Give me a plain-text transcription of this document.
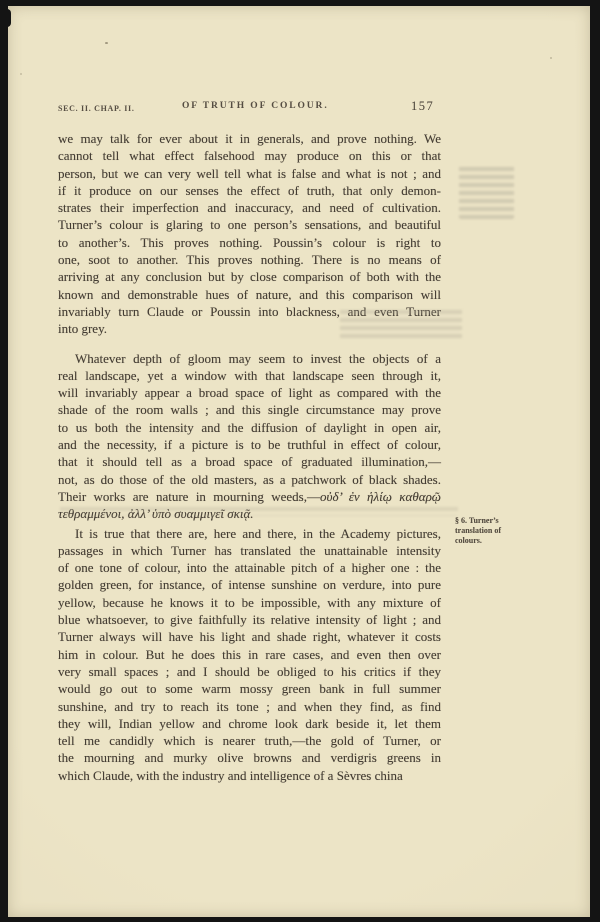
SEC. II. CHAP. II.	OF TRUTH OF COLOUR.	157
we may talk for ever about it in generals, and prove nothing. We
cannot tell what effect falsehood may produce on this or that
person, but we can very well tell what is false and what is not ; and
if it produce on our senses the effect of truth, that only demon-
strates their imperfection and inaccuracy, and need of cultivation.
Turner’s colour is glaring to one person’s sensations, and beautiful
to another’s. This proves nothing. Poussin’s colour is right to
one, soot to another. This proves nothing. There is no means of
arriving at any conclusion but by close comparison of both with the
known and demonstrable hues of nature, and this comparison will
invariably turn Claude or Poussin into blackness, and even Turner
into grey.
Whatever depth of gloom may seem to invest the objects of a
real landscape, yet a window with that landscape seen through it,
will invariably appear a broad space of light as compared with the
shade of the room walls ; and this single circumstance may prove
to us both the intensity and the diffusion of daylight in open air,
and the necessity, if a picture is to be truthful in effect of colour,
that it should tell as a broad space of graduated illumination,—
not, as do those of the old masters, as a patchwork of black shades.
Their works are nature in mourning weeds,—οὐδ’ ἐν ἡλίῳ καθαρῷ
τεθραμμένοι, ἀλλ’ ὑπὸ συαμμιγεῖ σκιᾷ.
It is true that there are, here and there, in the Academy pictures,
passages in which Turner has translated the unattainable intensity
of one tone of colour, into the attainable pitch of a higher one : the
golden green, for instance, of intense sunshine on verdure, into pure
yellow, because he knows it to be impossible, with any mixture of
blue whatsoever, to give faithfully its relative intensity of light ; and
Turner always will have his light and shade right, whatever it costs
him in colour. But he does this in rare cases, and even then over
very small spaces ; and I should be obliged to his critics if they
would go out to some warm mossy green bank in full summer
sunshine, and try to reach its tone ; and when they find, as find
they will, Indian yellow and chrome look dark beside it, let them
tell me candidly which is nearer truth,—the gold of Turner, or
the mourning and murky olive browns and verdigris greens in
which Claude, with the industry and intelligence of a Sèvres china
§ 6. Turner’s
translation of
colours.
